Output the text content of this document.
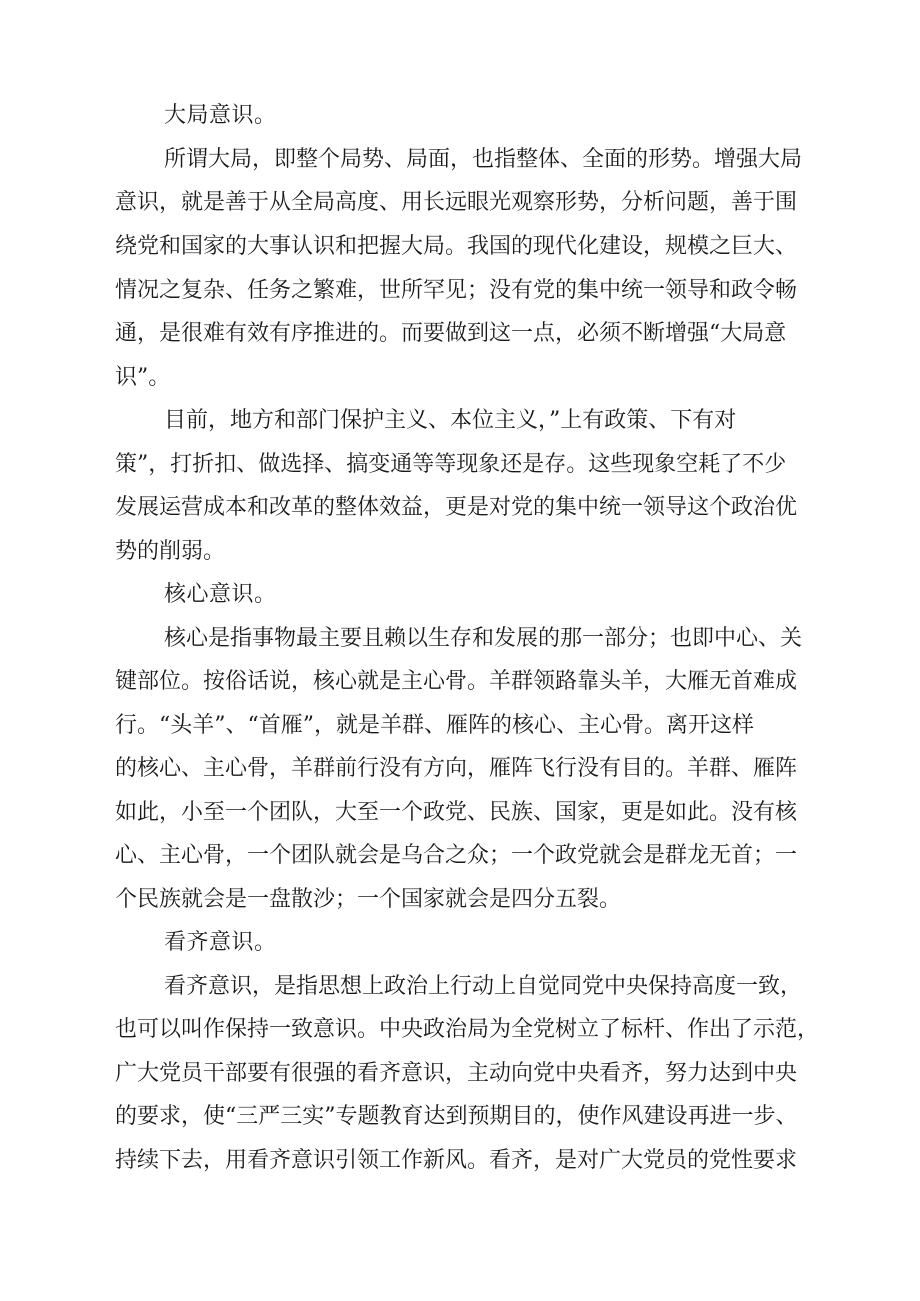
大局意识。
所谓大局，即整个局势、局面，也指整体、全面的形势。增强大局
意识，就是善于从全局高度、用长远眼光观察形势，分析问题，善于围
绕党和国家的大事认识和把握大局。我国的现代化建设，规模之巨大、
情况之复杂、任务之繁难，世所罕见；没有党的集中统一领导和政令畅
通，是很难有效有序推进的。而要做到这一点，必须不断增强“大局意
识”。
目前，地方和部门保护主义、本位主义，”上有政策、下有对
策”，打折扣、做选择、搞变通等等现象还是存。这些现象空耗了不少
发展运营成本和改革的整体效益，更是对党的集中统一领导这个政治优
势的削弱。
核心意识。
核心是指事物最主要且赖以生存和发展的那一部分；也即中心、关
键部位。按俗话说，核心就是主心骨。羊群领路靠头羊，大雁无首难成
行。“头羊”、“首雁”，就是羊群、雁阵的核心、主心骨。离开这样
的核心、主心骨，羊群前行没有方向，雁阵飞行没有目的。羊群、雁阵
如此，小至一个团队，大至一个政党、民族、国家，更是如此。没有核
心、主心骨，一个团队就会是乌合之众；一个政党就会是群龙无首；一
个民族就会是一盘散沙；一个国家就会是四分五裂。
看齐意识。
看齐意识，是指思想上政治上行动上自觉同党中央保持高度一致，
也可以叫作保持一致意识。中央政治局为全党树立了标杆、作出了示范，
广大党员干部要有很强的看齐意识，主动向党中央看齐，努力达到中央
的要求，使“三严三实”专题教育达到预期目的，使作风建设再进一步、
持续下去，用看齐意识引领工作新风。看齐，是对广大党员的党性要求
